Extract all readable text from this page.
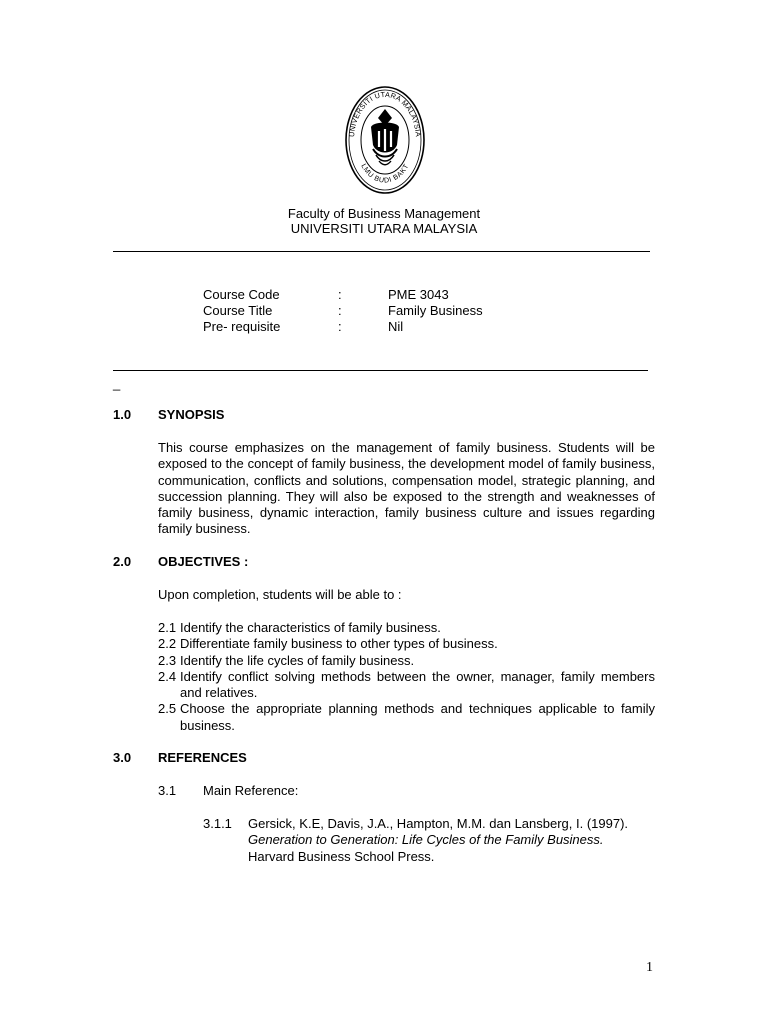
UNIVERSITI UTARA MALAYSIA
LMU BUDI BAKT
Faculty of Business Management
UNIVERSITI UTARA MALAYSIA
Course Code	:	PME 3043
Course Title	:	Family Business
Pre- requisite	:	Nil
_
1.0 SYNOPSIS
This course emphasizes on the management of family business. Students will be exposed to the concept of family business, the development model of family business, communication, conflicts and solutions, compensation model, strategic planning, and succession planning. They will also be exposed to the strength and weaknesses of family business, dynamic interaction, family business culture and issues regarding family business.
2.0 OBJECTIVES :
Upon completion, students will be able to :
2.1 Identify the characteristics of family business.
2.2 Differentiate family business to other types of business.
2.3 Identify the life cycles of family business.
2.4 Identify conflict solving methods between the owner, manager, family members and relatives.
2.5 Choose the appropriate planning methods and techniques applicable to family business.
3.0 REFERENCES
3.1 Main Reference:
3.1.1 Gersick, K.E, Davis, J.A., Hampton, M.M. dan Lansberg, I. (1997).
Generation to Generation: Life Cycles of the Family Business.
Harvard Business School Press.
1
